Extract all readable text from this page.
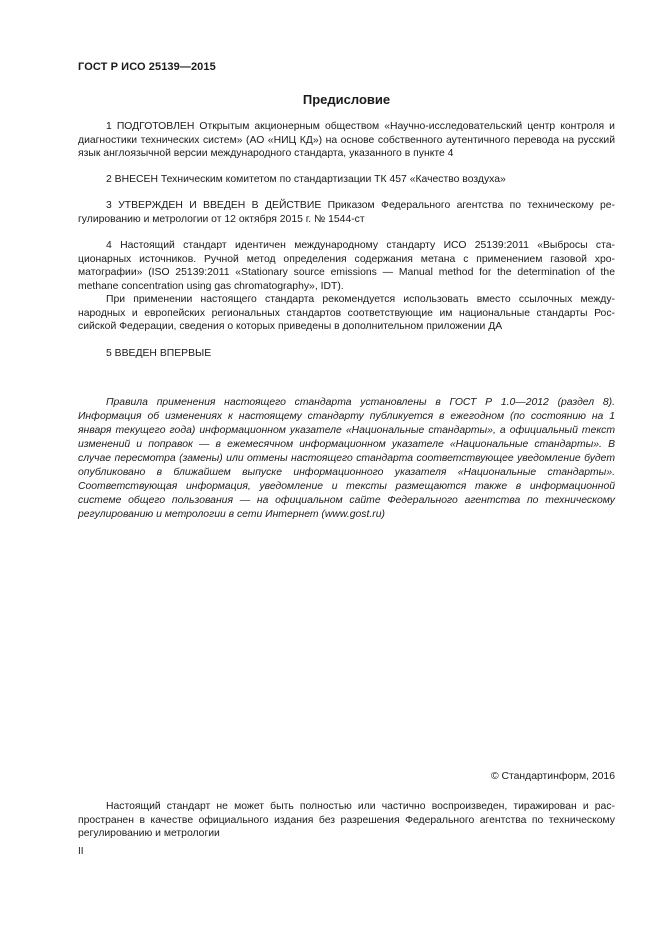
ГОСТ Р ИСО 25139—2015
Предисловие

1 ПОДГОТОВЛЕН Открытым акционерным обществом «Научно-исследовательский центр контроля и диагностики технических систем» (АО «НИЦ КД») на основе собственного аутентичного перевода на русский язык англоязычной версии международного стандарта, указанного в пункте 4

2 ВНЕСЕН Техническим комитетом по стандартизации ТК 457 «Качество воздуха»

3 УТВЕРЖДЕН И ВВЕДЕН В ДЕЙСТВИЕ Приказом Федерального агентства по техническому регулированию и метрологии от 12 октября 2015 г. № 1544-ст

4 Настоящий стандарт идентичен международному стандарту ИСО 25139:2011 «Выбросы стационарных источников. Ручной метод определения содержания метана с применением газовой хроматографии» (ISO 25139:2011 «Stationary source emissions — Manual method for the determination of the methane concentration using gas chromatography», IDT).

При применении настоящего стандарта рекомендуется использовать вместо ссылочных международных и европейских региональных стандартов соответствующие им национальные стандарты Российской Федерации, сведения о которых приведены в дополнительном приложении ДА

5 ВВЕДЕН ВПЕРВЫЕ

Правила применения настоящего стандарта установлены в ГОСТ Р 1.0—2012 (раздел 8). Информация об изменениях к настоящему стандарту публикуется в ежегодном (по состоянию на 1 января текущего года) информационном указателе «Национальные стандарты», а официальный текст изменений и поправок — в ежемесячном информационном указателе «Национальные стандарты». В случае пересмотра (замены) или отмены настоящего стандарта соответствующее уведомление будет опубликовано в ближайшем выпуске информационного указателя «Национальные стандарты». Соответствующая информация, уведомление и тексты размещаются также в информационной системе общего пользования — на официальном сайте Федерального агентства по техническому регулированию и метрологии в сети Интернет (www.gost.ru)

© Стандартинформ, 2016

Настоящий стандарт не может быть полностью или частично воспроизведен, тиражирован и распространен в качестве официального издания без разрешения Федерального агентства по техническому регулированию и метрологии

II
